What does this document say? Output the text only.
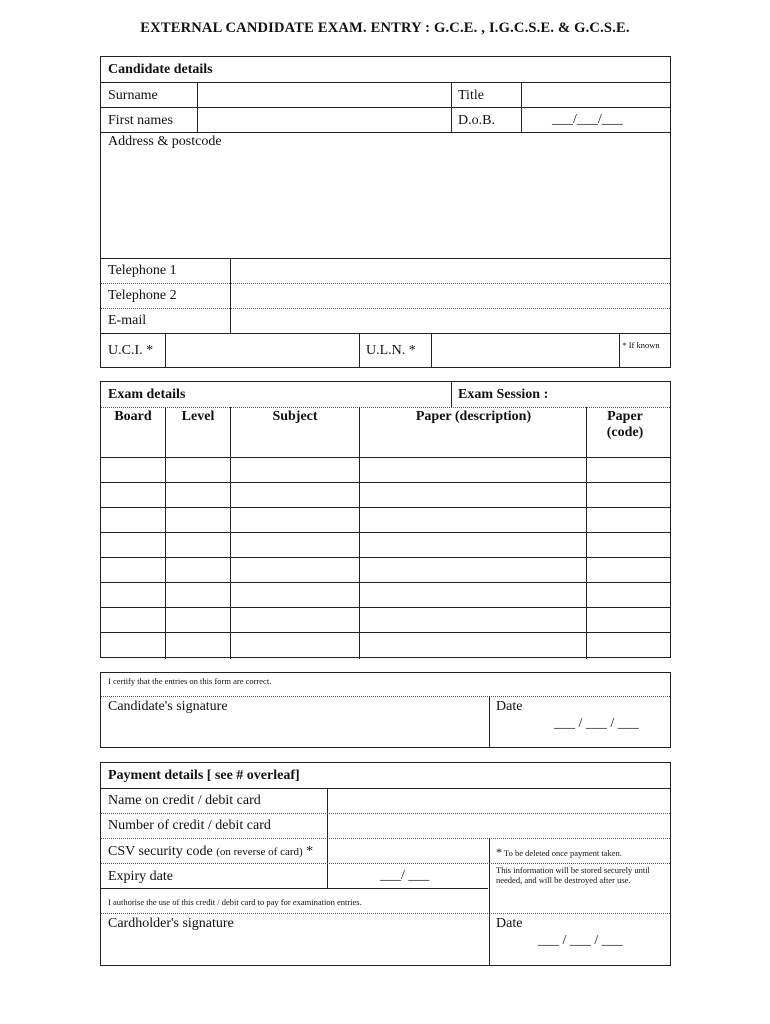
EXTERNAL CANDIDATE EXAM. ENTRY : G.C.E. , I.G.C.S.E. & G.C.S.E.
Candidate details
Surname	Title
First names	D.o.B.	___/___/___
Address & postcode
Telephone 1
Telephone 2
E-mail
U.C.I. *	U.L.N. *	* If known
Exam details	Exam Session :
Board	Level	Subject	Paper (description)	Paper (code)
I certify that the entries on this form are correct.
Candidate's signature	Date
___ / ___ / ___
Payment details [ see # overleaf]
Name on credit / debit card
Number of credit / debit card
CSV security code (on reverse of card) *
Expiry date	___/ ___
I authorise the use of this credit / debit card to pay for examination entries.
* To be deleted once payment taken.
This information will be stored securely until needed, and will be destroyed after use.
Cardholder's signature	Date
___ / ___ / ___
